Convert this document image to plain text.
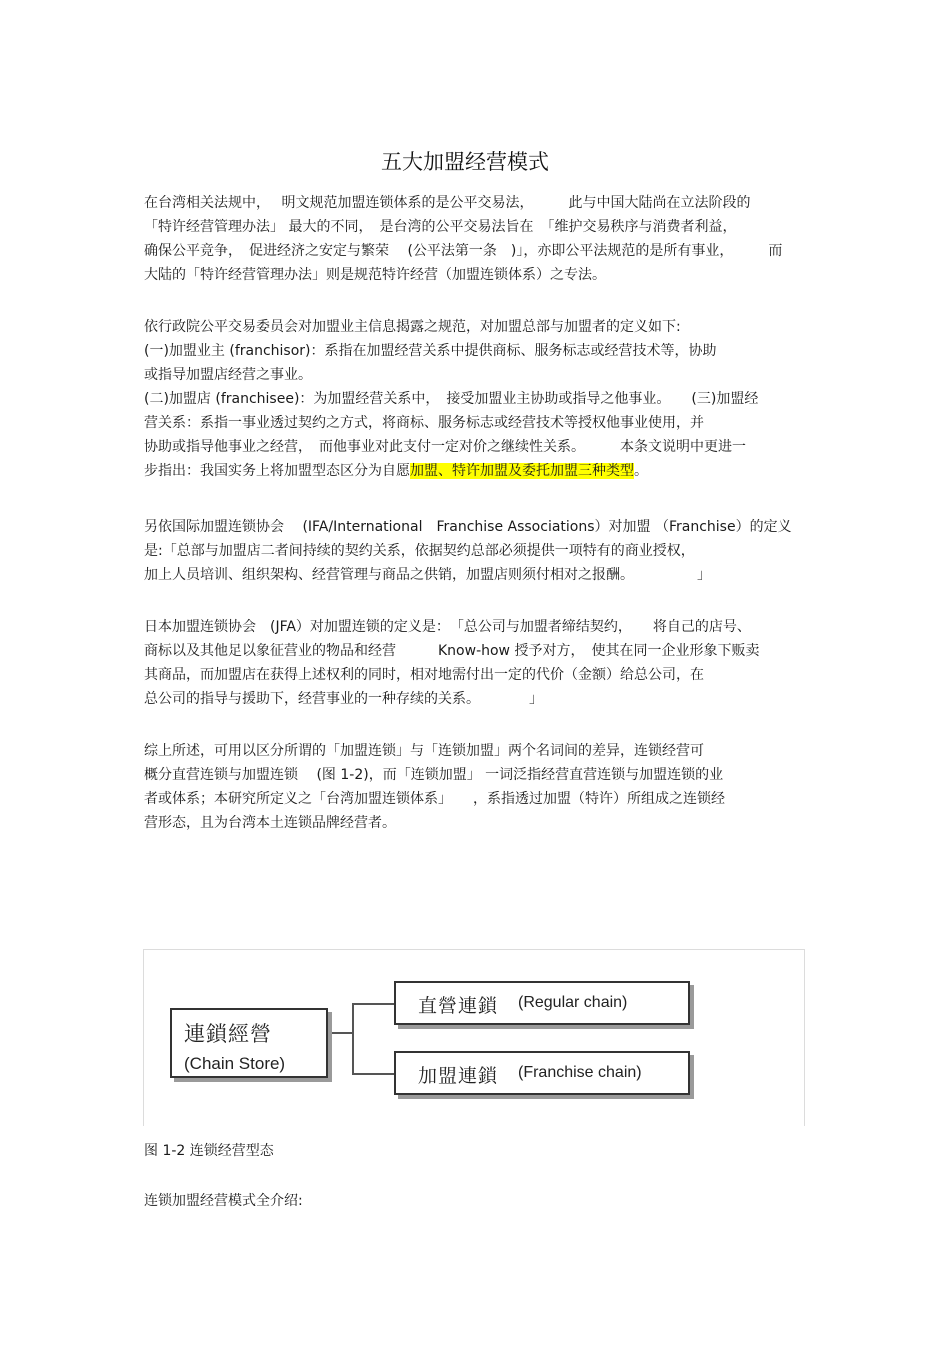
五大加盟经营模式
在台湾相关法规中，　 明文规范加盟连锁体系的是公平交易法，　　　此与中国大陆尚在立法阶段的
「特许经营管理办法」 最大的不同，　是台湾的公平交易法旨在　「维护交易秩序与消费者利益，
确保公平竞争，　促进经济之安定与繁荣　 (公平法第一条　)」，亦即公平法规范的是所有事业，　　　而
大陆的「特许经营管理办法」则是规范特许经营（加盟连锁体系）之专法。
依行政院公平交易委员会对加盟业主信息揭露之规范，对加盟总部与加盟者的定义如下:
(一)加盟业主 (franchisor)：系指在加盟经营关系中提供商标、服务标志或经营技术等，协助
或指导加盟店经营之事业。
(二)加盟店 (franchisee)：为加盟经营关系中，　接受加盟业主协助或指导之他事业。　　(三)加盟经
营关系：系指一事业透过契约之方式，将商标、服务标志或经营技术等授权他事业使用，并
协助或指导他事业之经营，　而他事业对此支付一定对价之继续性关系。　　　本条文说明中更进一
步指出：我国实务上将加盟型态区分为自愿加盟、特许加盟及委托加盟三种类型。
另依国际加盟连锁协会　 (IFA/International　Franchise Associations）对加盟 （Franchise）的定义
是:「总部与加盟店二者间持续的契约关系，依据契约总部必须提供一项特有的商业授权，
加上人员培训、组织架构、经营管理与商品之供销，加盟店则须付相对之报酬。　　　　　」
日本加盟连锁协会　(JFA）对加盟连锁的定义是：　「总公司与加盟者缔结契约，　　将自己的店号、
商标以及其他足以象征营业的物品和经营　　　Know-how 授予对方，　使其在同一企业形象下贩卖
其商品，而加盟店在获得上述权利的同时，相对地需付出一定的代价（金额）给总公司，在
总公司的指导与援助下，经营事业的一种存续的关系。　　　　」
综上所述，可用以区分所谓的「加盟连锁」与「连锁加盟」两个名词间的差异，连锁经营可
概分直营连锁与加盟连锁　 (图 1-2)，而「连锁加盟」 一词泛指经营直营连锁与加盟连锁的业
者或体系；本研究所定义之「台湾加盟连锁体系」　　，系指透过加盟（特许）所组成之连锁经
营形态，且为台湾本土连锁品牌经营者。
連鎖經營
(Chain Store)
直營連鎖 (Regular chain)
加盟連鎖 (Franchise chain)
图 1-2 连锁经营型态
连锁加盟经营模式全介绍:
